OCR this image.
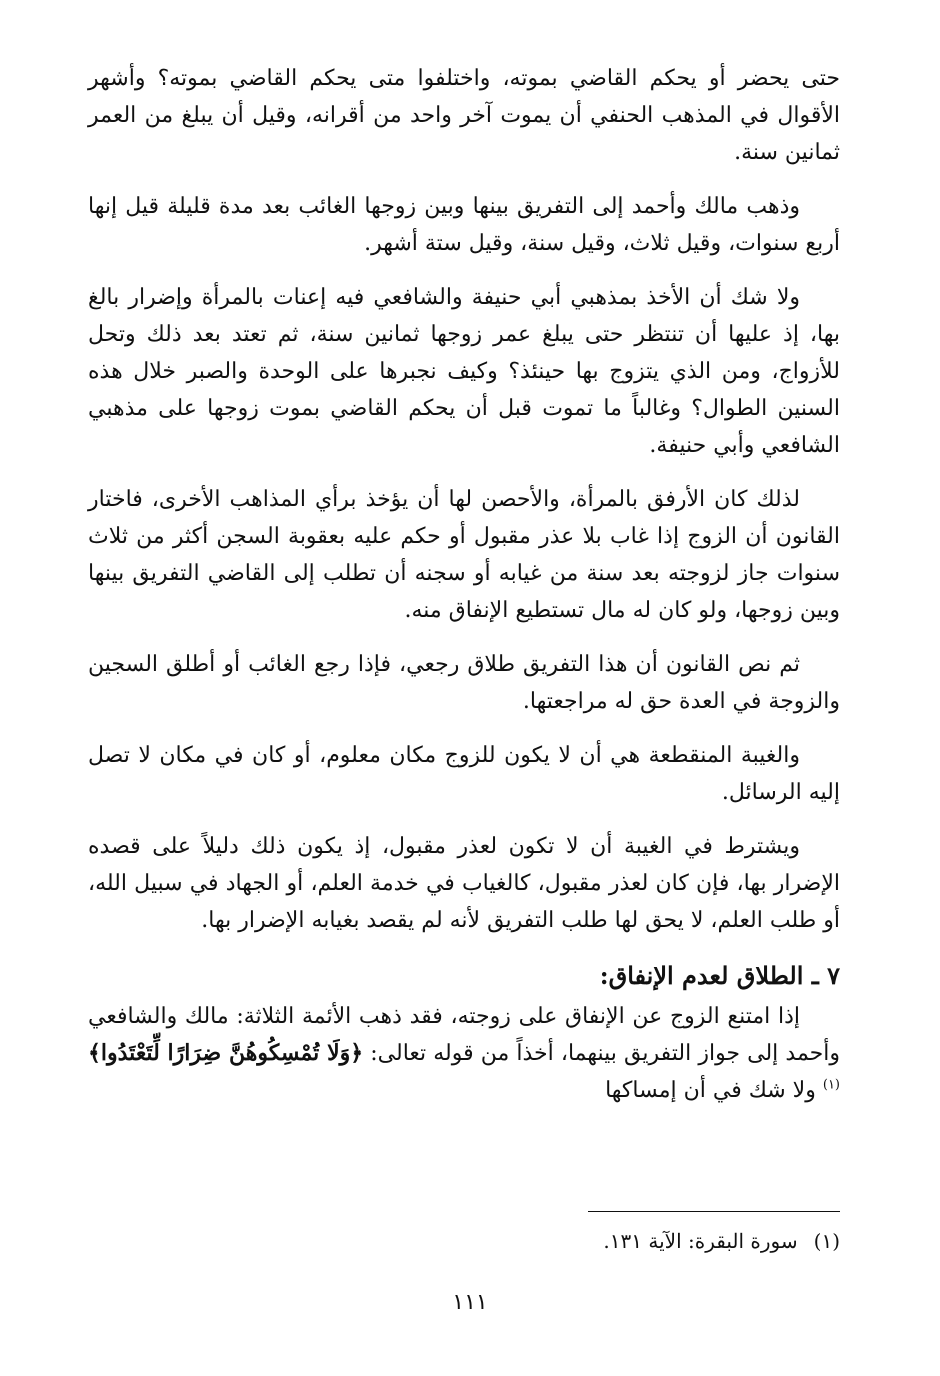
حتى يحضر أو يحكم القاضي بموته، واختلفوا متى يحكم القاضي بموته؟ وأشهر الأقوال في المذهب الحنفي أن يموت آخر واحد من أقرانه، وقيل أن يبلغ من العمر ثمانين سنة.

وذهب مالك وأحمد إلى التفريق بينها وبين زوجها الغائب بعد مدة قليلة قيل إنها أربع سنوات، وقيل ثلاث، وقيل سنة، وقيل ستة أشهر.

ولا شك أن الأخذ بمذهبي أبي حنيفة والشافعي فيه إعنات بالمرأة وإضرار بالغ بها، إذ عليها أن تنتظر حتى يبلغ عمر زوجها ثمانين سنة، ثم تعتد بعد ذلك وتحل للأزواج، ومن الذي يتزوج بها حينئذ؟ وكيف نجبرها على الوحدة والصبر خلال هذه السنين الطوال؟ وغالباً ما تموت قبل أن يحكم القاضي بموت زوجها على مذهبي الشافعي وأبي حنيفة.

لذلك كان الأرفق بالمرأة، والأحصن لها أن يؤخذ برأي المذاهب الأخرى، فاختار القانون أن الزوج إذا غاب بلا عذر مقبول أو حكم عليه بعقوبة السجن أكثر من ثلاث سنوات جاز لزوجته بعد سنة من غيابه أو سجنه أن تطلب إلى القاضي التفريق بينها وبين زوجها، ولو كان له مال تستطيع الإنفاق منه.

ثم نص القانون أن هذا التفريق طلاق رجعي، فإذا رجع الغائب أو أطلق السجين والزوجة في العدة حق له مراجعتها.

والغيبة المنقطعة هي أن لا يكون للزوج مكان معلوم، أو كان في مكان لا تصل إليه الرسائل.

ويشترط في الغيبة أن لا تكون لعذر مقبول، إذ يكون ذلك دليلاً على قصده الإضرار بها، فإن كان لعذر مقبول، كالغياب في خدمة العلم، أو الجهاد في سبيل الله، أو طلب العلم، لا يحق لها طلب التفريق لأنه لم يقصد بغيابه الإضرار بها.

٧ ـ الطلاق لعدم الإنفاق:

إذا امتنع الزوج عن الإنفاق على زوجته، فقد ذهب الأئمة الثلاثة: مالك والشافعي وأحمد إلى جواز التفريق بينهما، أخذاً من قوله تعالى: ﴿وَلَا تُمْسِكُوهُنَّ ضِرَارًا لِّتَعْتَدُوا﴾$^{(١)}$ ولا شك في أن إمساكها

(١)سورة البقرة: الآية ١٣١.
١١١
